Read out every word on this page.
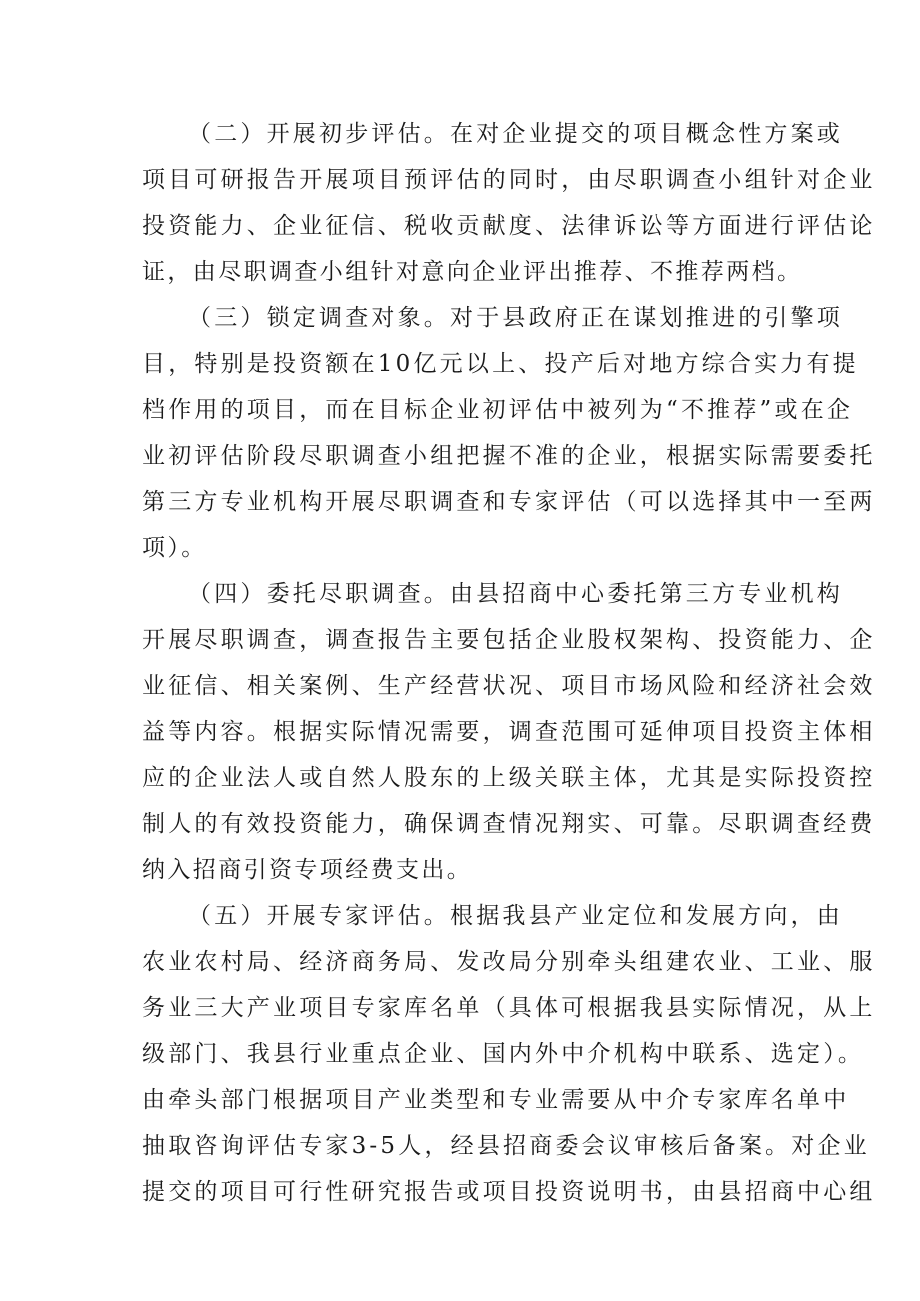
（二）开展初步评估。在对企业提交的项目概念性方案或
项目可研报告开展项目预评估的同时，由尽职调查小组针对企业
投资能力、企业征信、税收贡献度、法律诉讼等方面进行评估论
证，由尽职调查小组针对意向企业评出推荐、不推荐两档。
（三）锁定调查对象。对于县政府正在谋划推进的引擎项
目，特别是投资额在10亿元以上、投产后对地方综合实力有提
档作用的项目，而在目标企业初评估中被列为“不推荐”或在企
业初评估阶段尽职调查小组把握不准的企业，根据实际需要委托
第三方专业机构开展尽职调查和专家评估（可以选择其中一至两
项）。
（四）委托尽职调查。由县招商中心委托第三方专业机构
开展尽职调查，调查报告主要包括企业股权架构、投资能力、企
业征信、相关案例、生产经营状况、项目市场风险和经济社会效
益等内容。根据实际情况需要，调查范围可延伸项目投资主体相
应的企业法人或自然人股东的上级关联主体，尤其是实际投资控
制人的有效投资能力，确保调查情况翔实、可靠。尽职调查经费
纳入招商引资专项经费支出。
（五）开展专家评估。根据我县产业定位和发展方向，由
农业农村局、经济商务局、发改局分别牵头组建农业、工业、服
务业三大产业项目专家库名单（具体可根据我县实际情况，从上
级部门、我县行业重点企业、国内外中介机构中联系、选定）。
由牵头部门根据项目产业类型和专业需要从中介专家库名单中
抽取咨询评估专家3-5人，经县招商委会议审核后备案。对企业
提交的项目可行性研究报告或项目投资说明书，由县招商中心组
